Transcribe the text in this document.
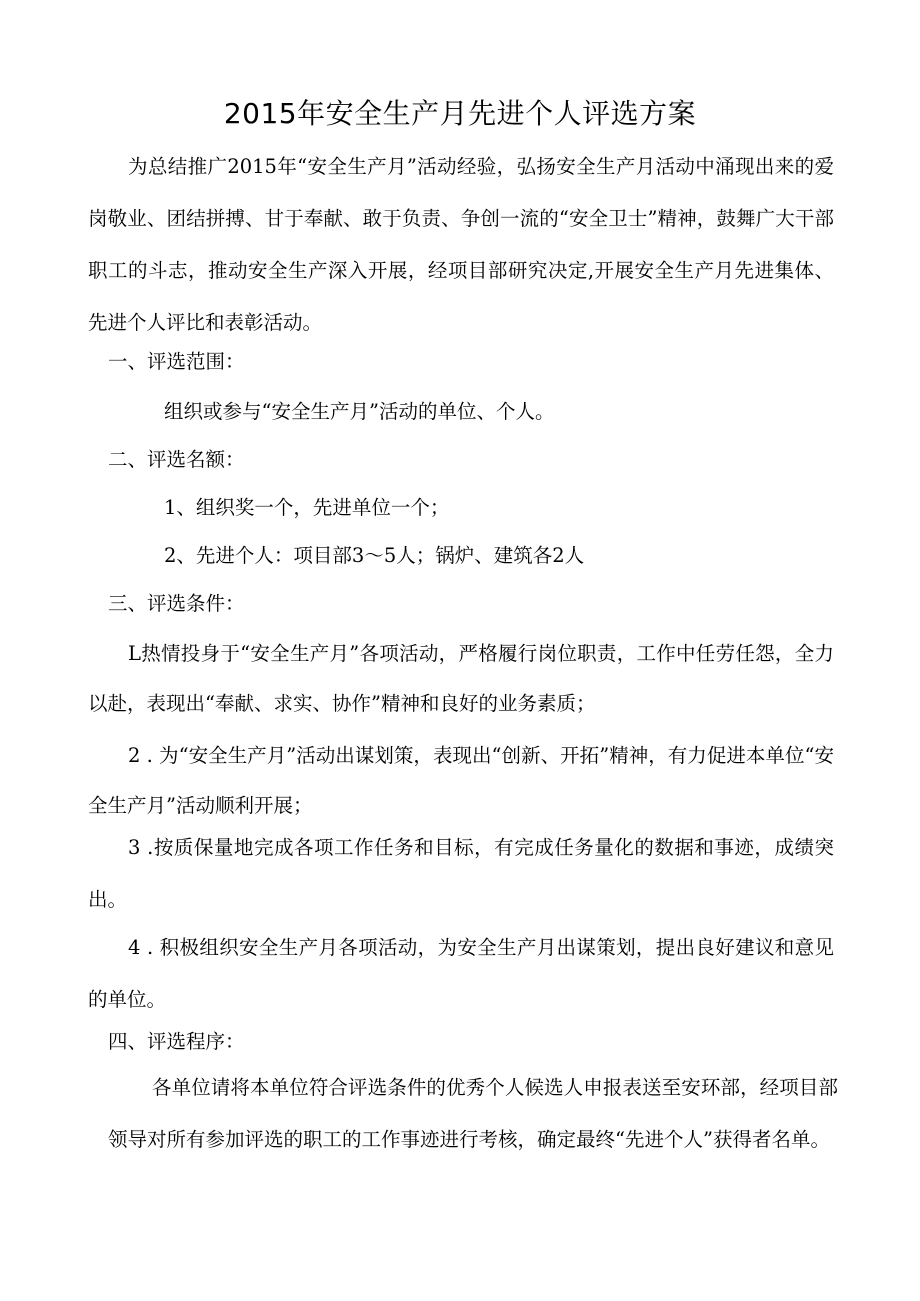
2015年安全生产月先进个人评选方案

为总结推广2015年“安全生产月”活动经验，弘扬安全生产月活动中涌现出来的爱岗敬业、团结拼搏、甘于奉献、敢于负责、争创一流的“安全卫士”精神，鼓舞广大干部职工的斗志，推动安全生产深入开展，经项目部研究决定,开展安全生产月先进集体、先进个人评比和表彰活动。

一、评选范围：

组织或参与“安全生产月”活动的单位、个人。

二、评选名额：

1、组织奖一个，先进单位一个；

2、先进个人：项目部3～5人；锅炉、建筑各2人

三、评选条件：

L热情投身于“安全生产月”各项活动，严格履行岗位职责，工作中任劳任怨，全力以赴，表现出“奉献、求实、协作”精神和良好的业务素质；

2 . 为“安全生产月”活动出谋划策，表现出“创新、开拓”精神，有力促进本单位“安全生产月”活动顺利开展；

3 .按质保量地完成各项工作任务和目标，有完成任务量化的数据和事迹，成绩突出。

4 . 积极组织安全生产月各项活动，为安全生产月出谋策划，提出良好建议和意见的单位。

四、评选程序：

各单位请将本单位符合评选条件的优秀个人候选人申报表送至安环部，经项目部领导对所有参加评选的职工的工作事迹进行考核，确定最终“先进个人”获得者名单。
